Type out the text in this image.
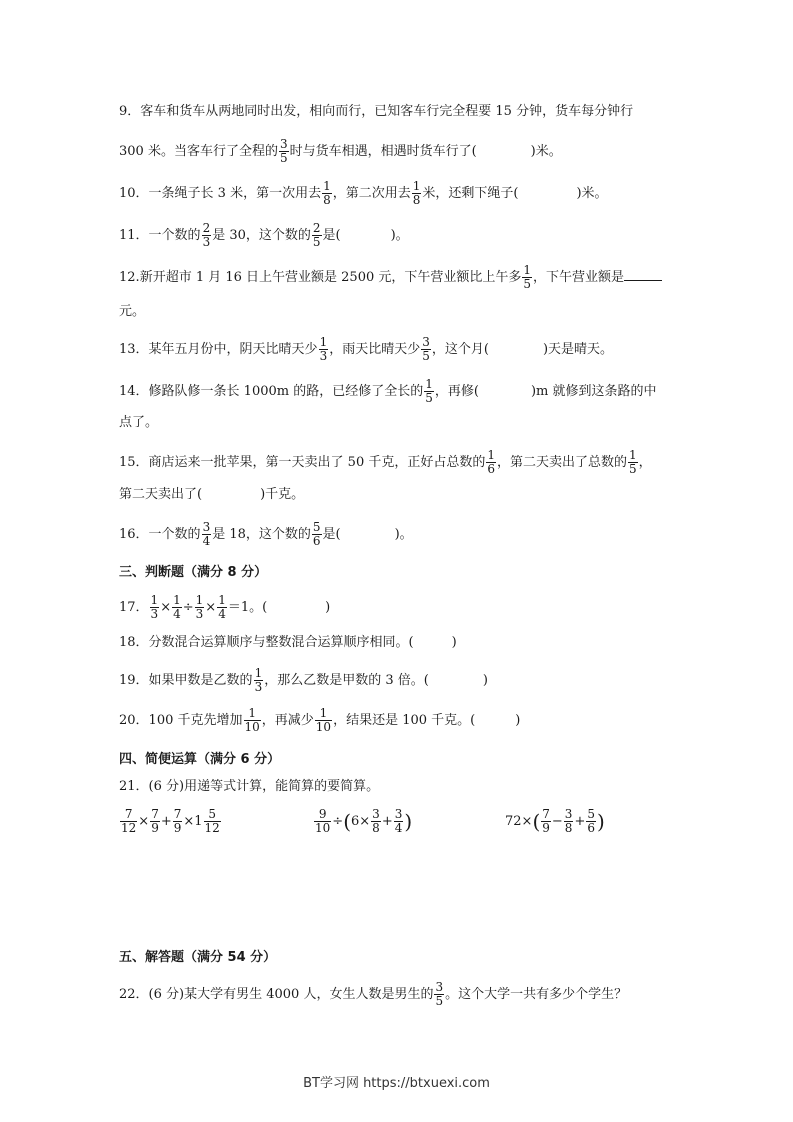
9．客车和货车从两地同时出发，相向而行，已知客车行完全程要 15 分钟，货车每分钟行
300 米。当客车行了全程的 $\frac{3}{5}$ 时与货车相遇，相遇时货车行了(	)米。
10．一条绳子长 3 米，第一次用去 $\frac{1}{8}$ ，第二次用去 $\frac{1}{8}$ 米，还剩下绳子(	)米。
11．一个数的 $\frac{2}{3}$ 是 30，这个数的 $\frac{2}{5}$ 是(	)。
12.新开超市 1 月 16 日上午营业额是 2500 元，下午营业额比上午多 $\frac{1}{5}$ ，下午营业额是
元。
13．某年五月份中，阴天比晴天少 $\frac{1}{3}$ ，雨天比晴天少 $\frac{3}{5}$ ，这个月(	)天是晴天。
14．修路队修一条长 1000m 的路，已经修了全长的 $\frac{1}{5}$ ，再修(	)m 就修到这条路的中
点了。
15．商店运来一批苹果，第一天卖出了 50 千克，正好占总数的 $\frac{1}{6}$ ，第二天卖出了总数的 $\frac{1}{5}$ ，
第二天卖出了(	)千克。
16．一个数的 $\frac{3}{4}$ 是 18，这个数的 $\frac{5}{6}$ 是(	)。
三、判断题（满分 8 分）
17． $\frac{1}{3} \times \frac{1}{4} \div \frac{1}{3} \times \frac{1}{4} =1$。(	)
18．分数混合运算顺序与整数混合运算顺序相同。(	)
19．如果甲数是乙数的 $\frac{1}{3}$ ，那么乙数是甲数的 3 倍。(	)
20．100 千克先增加 $\frac{1}{10}$ ，再减少 $\frac{1}{10}$ ，结果还是 100 千克。(	)
四、简便运算（满分 6 分）
21．(6 分)用递等式计算，能简算的要简算。
$\frac{7}{12} \times \frac{7}{9} + \frac{7}{9} \times 1 \frac{5}{12}$	$\frac{9}{10} \div(6\times \frac{3}{8} + \frac{3}{4}$ )	$72\times( \frac{7}{9} - \frac{3}{8} + \frac{5}{6}$ )
五、解答题（满分 54 分）
22．(6 分)某大学有男生 4000 人，女生人数是男生的 $\frac{3}{5}$ 。这个大学一共有多少个学生？
BT学习网 https://btxuexi.com
